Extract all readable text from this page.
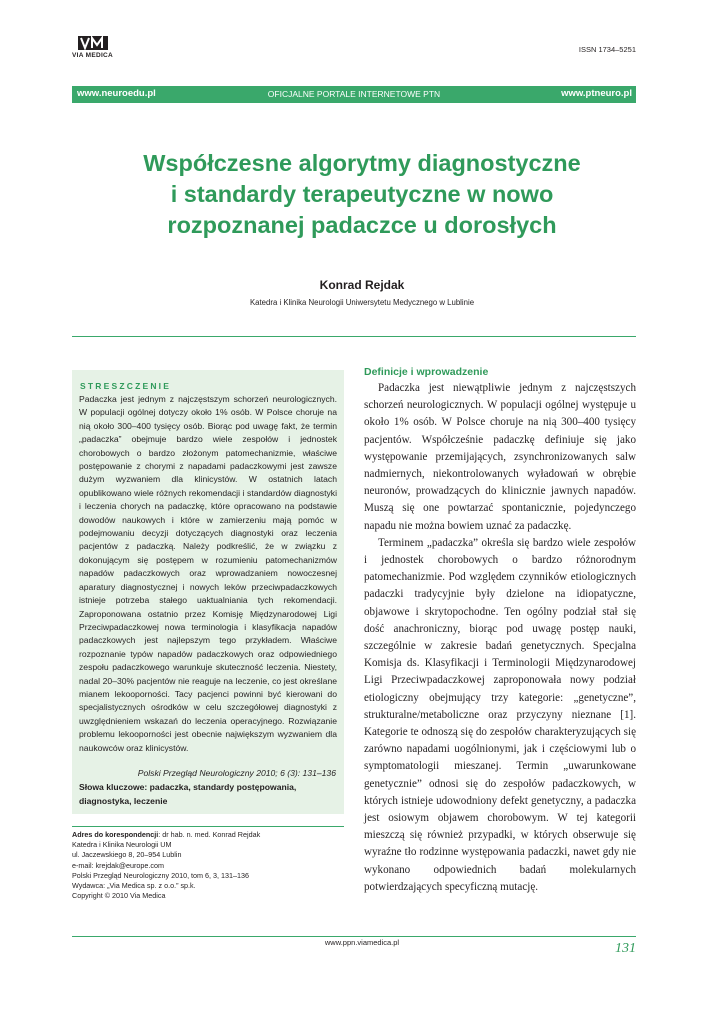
VIA MEDICA
ISSN 1734–5251
www.neuroedu.pl	OFICJALNE PORTALE INTERNETOWE PTN	www.ptneuro.pl
Współczesne algorytmy diagnostyczne
i standardy terapeutyczne w nowo
rozpoznanej padaczce u dorosłych
Konrad Rejdak
Katedra i Klinika Neurologii Uniwersytetu Medycznego w Lublinie
STRESZCZENIE
Padaczka jest jednym z najczęstszym schorzeń neurologicznych. W populacji ogólnej dotyczy około 1% osób. W Polsce choruje na nią około 300–400 tysięcy osób. Biorąc pod uwagę fakt, że termin „padaczka” obejmuje bardzo wiele zespołów i jednostek chorobowych o bardzo złożonym patomechanizmie, właściwe postępowanie z chorymi z napadami padaczkowymi jest zawsze dużym wyzwaniem dla klinicystów. W ostatnich latach opublikowano wiele różnych rekomendacji i standardów diagnostyki i leczenia chorych na padaczkę, które opracowano na podstawie dowodów naukowych i które w zamierzeniu mają pomóc w podejmowaniu decyzji dotyczących diagnostyki oraz leczenia pacjentów z padaczką. Należy podkreślić, że w związku z dokonującym się postępem w rozumieniu patomechanizmów napadów padaczkowych oraz wprowadzaniem nowoczesnej aparatury diagnostycznej i nowych leków przeciwpadaczkowych istnieje potrzeba stałego uaktualniania tych rekomendacji. Zaproponowana ostatnio przez Komisję Międzynarodowej Ligi Przeciwpadaczkowej nowa terminologia i klasyfikacja napadów padaczkowych jest najlepszym tego przykładem. Właściwe rozpoznanie typów napadów padaczkowych oraz odpowiedniego zespołu padaczkowego warunkuje skuteczność leczenia. Niestety, nadal 20–30% pacjentów nie reaguje na leczenie, co jest określane mianem lekooporności. Tacy pacjenci powinni być kierowani do specjalistycznych ośrodków w celu szczegółowej diagnostyki z uwzględnieniem wskazań do leczenia operacyjnego. Rozwiązanie problemu lekooporności jest obecnie największym wyzwaniem dla naukowców oraz klinicystów.
Polski Przegląd Neurologiczny 2010; 6 (3): 131–136
Słowa kluczowe: padaczka, standardy postępowania, diagnostyka, leczenie
Adres do korespondencji: dr hab. n. med. Konrad Rejdak
Katedra i Klinika Neurologii UM
ul. Jaczewskiego 8, 20–954 Lublin
e-mail: krejdak@europe.com
Polski Przegląd Neurologiczny 2010, tom 6, 3, 131–136
Wydawca: „Via Medica sp. z o.o.” sp.k.
Copyright © 2010 Via Medica
Definicje i wprowadzenie

Padaczka jest niewątpliwie jednym z najczęstszych schorzeń neurologicznych. W populacji ogólnej występuje u około 1% osób. W Polsce choruje na nią 300–400 tysięcy pacjentów. Współcześnie padaczkę definiuje się jako występowanie przemijających, zsynchronizowanych salw nadmiernych, niekontrolowanych wyładowań w obrębie neuronów, prowadzących do klinicznie jawnych napadów. Muszą się one powtarzać spontanicznie, pojedynczego napadu nie można bowiem uznać za padaczkę.

Terminem „padaczka” określa się bardzo wiele zespołów i jednostek chorobowych o bardzo różnorodnym patomechanizmie. Pod względem czynników etiologicznych padaczki tradycyjnie były dzielone na idiopatyczne, objawowe i skrytopochodne. Ten ogólny podział stał się dość anachroniczny, biorąc pod uwagę postęp nauki, szczególnie w zakresie badań genetycznych. Specjalna Komisja ds. Klasyfikacji i Terminologii Międzynarodowej Ligi Przeciwpadaczkowej zaproponowała nowy podział etiologiczny obejmujący trzy kategorie: „genetyczne”, strukturalne/metaboliczne oraz przyczyny nieznane [1]. Kategorie te odnoszą się do zespołów charakteryzujących się zarówno napadami uogólnionymi, jak i częściowymi lub o symptomatologii mieszanej. Termin „uwarunkowane genetycznie” odnosi się do zespołów padaczkowych, w których istnieje udowodniony defekt genetyczny, a padaczka jest osiowym objawem chorobowym. W tej kategorii mieszczą się również przypadki, w których obserwuje się wyraźne tło rodzinne występowania padaczki, nawet gdy nie wykonano odpowiednich badań molekularnych potwierdzających specyficzną mutację.

www.ppn.viamedica.pl	131
